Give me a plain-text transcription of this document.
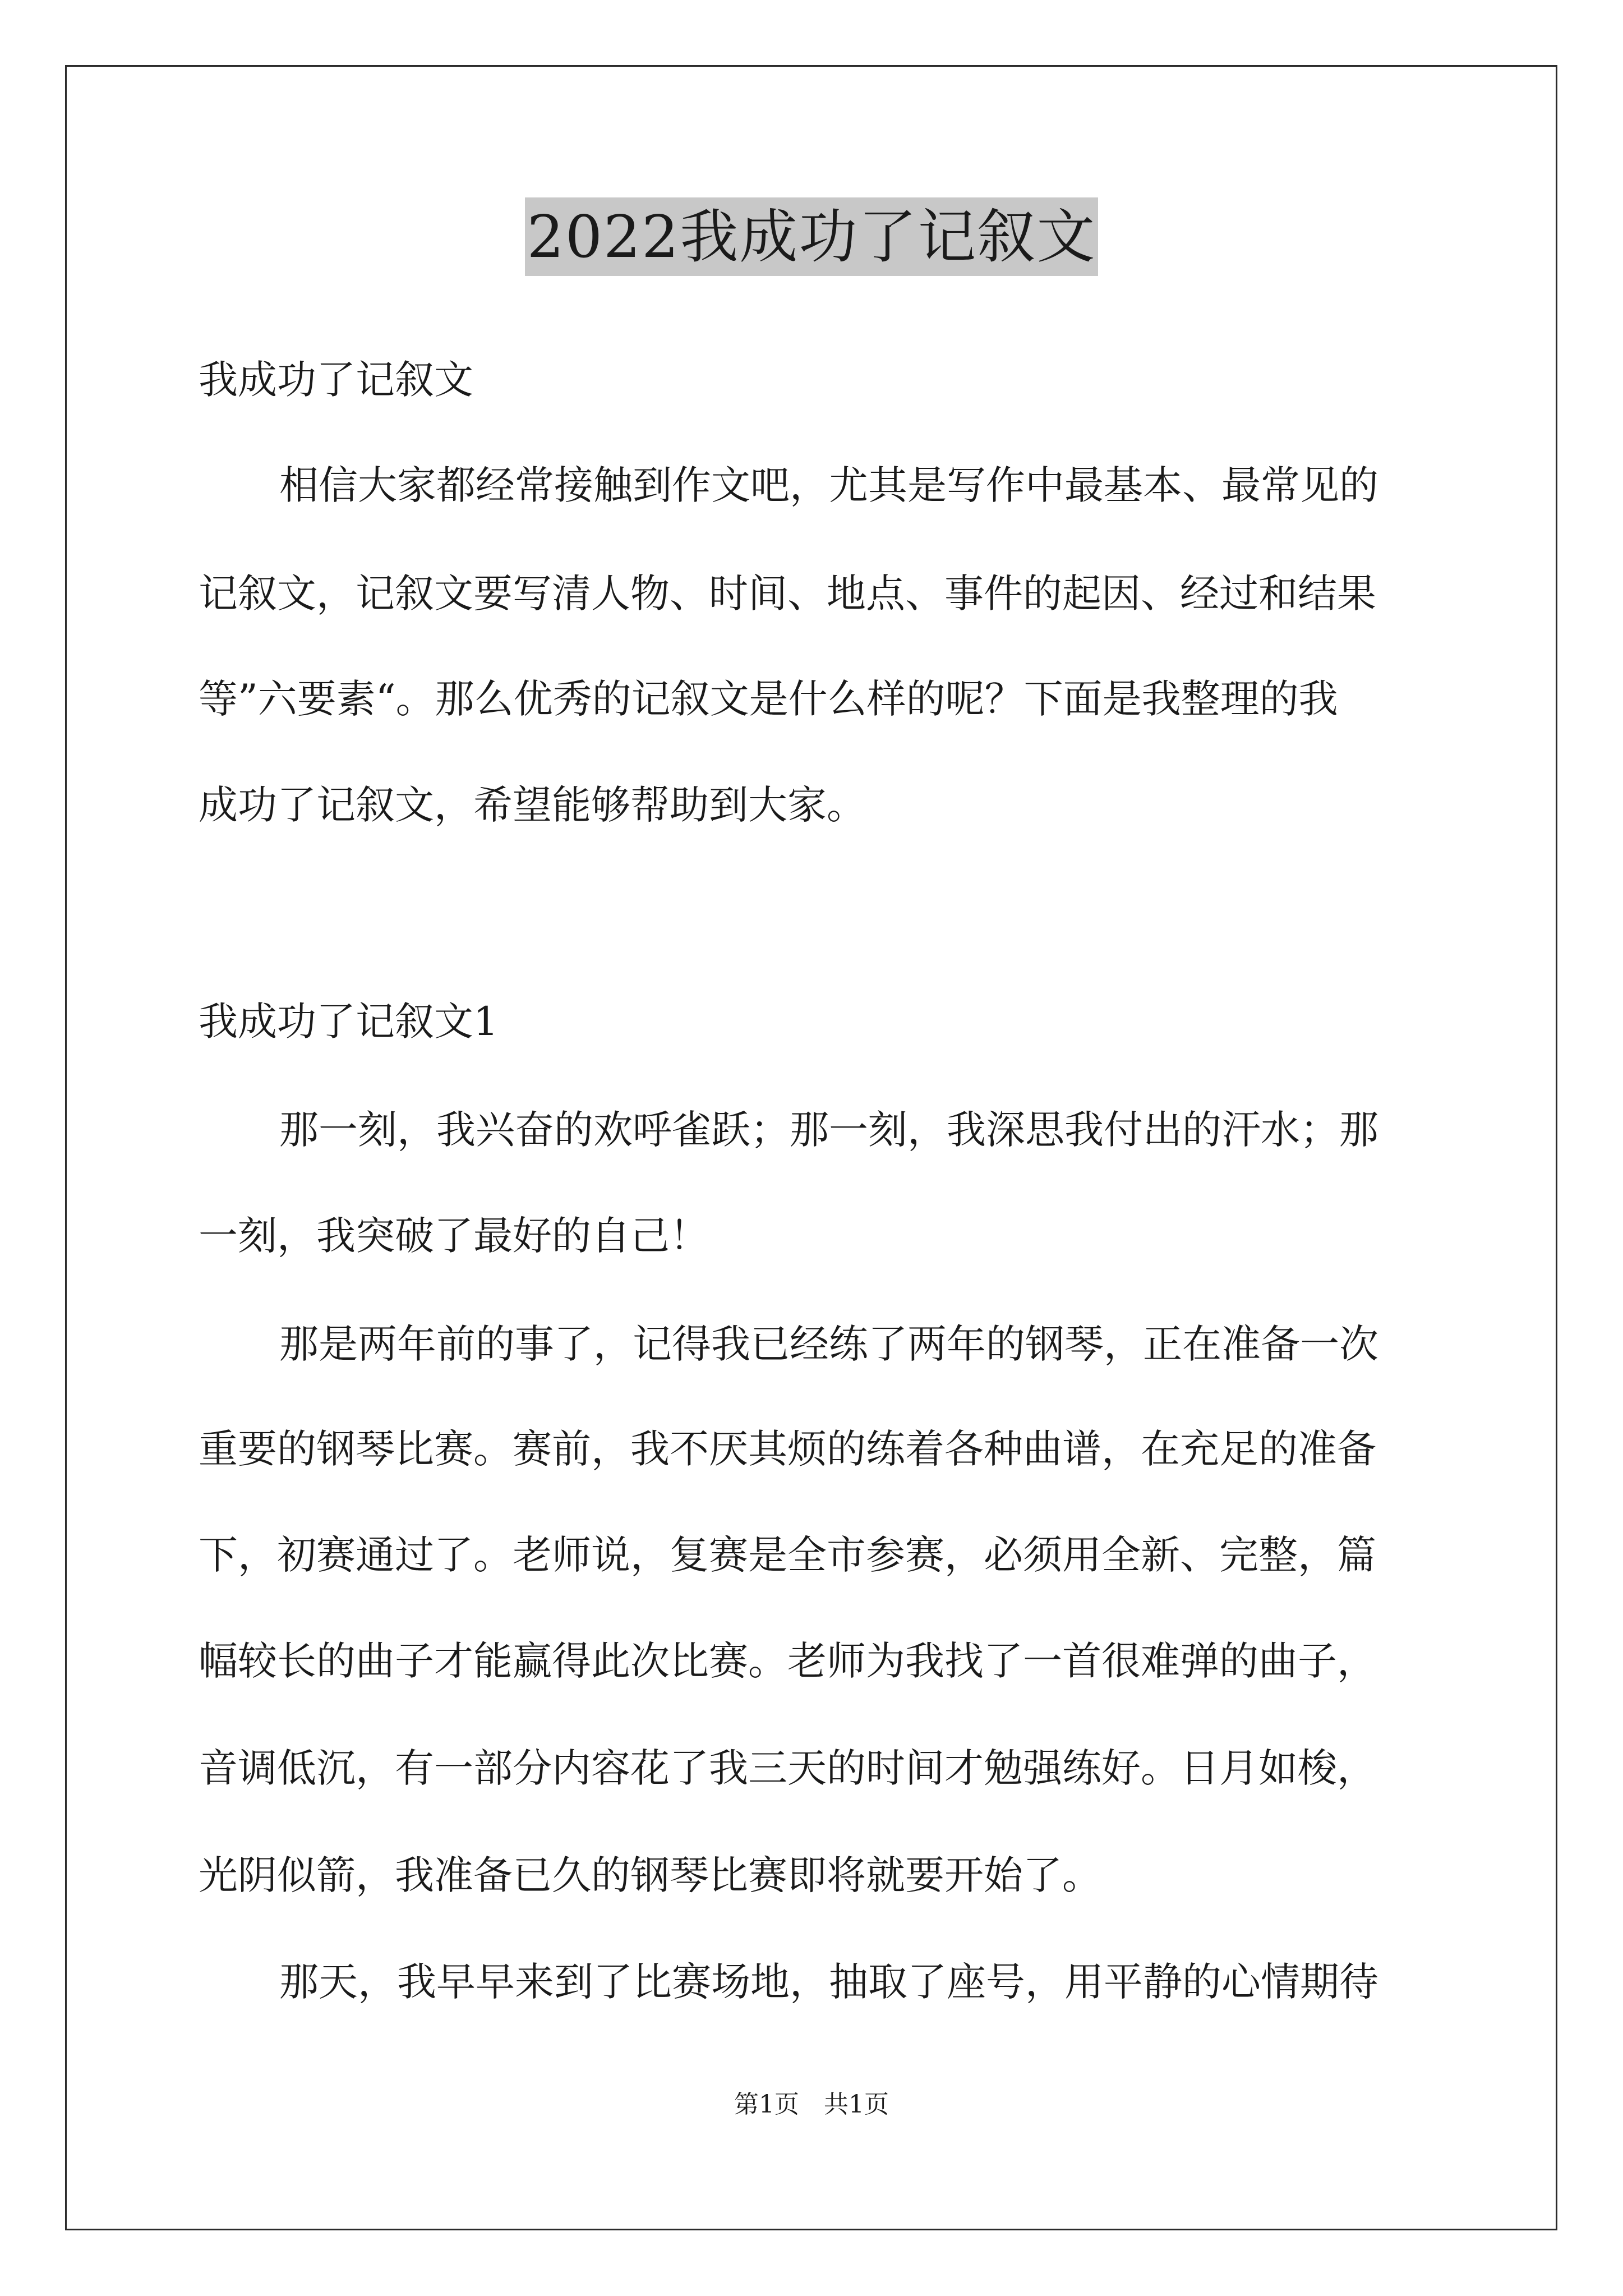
2022我成功了记叙文
我成功了记叙文
相信大家都经常接触到作文吧，尤其是写作中最基本、最常见的
记叙文，记叙文要写清人物、时间、地点、事件的起因、经过和结果
等”六要素“。那么优秀的记叙文是什么样的呢？下面是我整理的我
成功了记叙文，希望能够帮助到大家。
我成功了记叙文1
那一刻，我兴奋的欢呼雀跃；那一刻，我深思我付出的汗水；那
一刻，我突破了最好的自己！
那是两年前的事了，记得我已经练了两年的钢琴，正在准备一次
重要的钢琴比赛。赛前，我不厌其烦的练着各种曲谱，在充足的准备
下，初赛通过了。老师说，复赛是全市参赛，必须用全新、完整，篇
幅较长的曲子才能赢得此次比赛。老师为我找了一首很难弹的曲子，
音调低沉，有一部分内容花了我三天的时间才勉强练好。日月如梭，
光阴似箭，我准备已久的钢琴比赛即将就要开始了。
那天，我早早来到了比赛场地，抽取了座号，用平静的心情期待
第1页　共1页
